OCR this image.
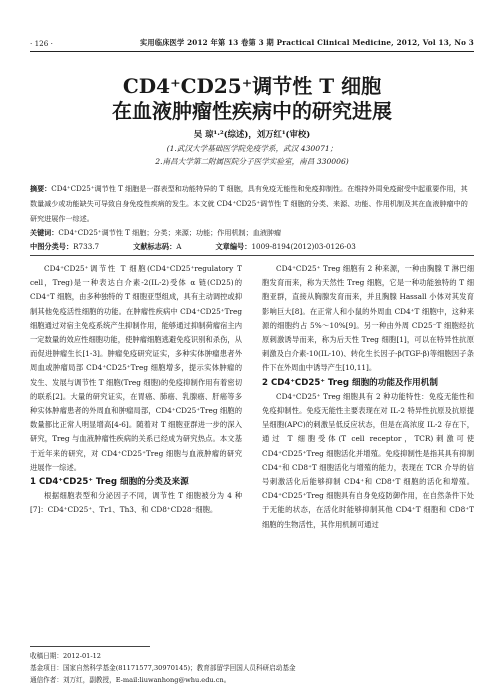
· 126 ·	实用临床医学 2012 年第 13 卷第 3 期 Practical Clinical Medicine, 2012, Vol 13, No 3
CD4⁺CD25⁺调节性 T 细胞
在血液肿瘤性疾病中的研究进展
吴 琼¹·²(综述)，刘万红¹(审校)
(1.武汉大学基础医学院免疫学系，武汉 430071；
2.南昌大学第二附属医院分子医学实验室，南昌 330006)
摘要：CD4⁺CD25⁺调节性 T 细胞是一群表型和功能特异的 T 细胞，具有免疫无能性和免疫抑制性。在维持外周免疫耐受中起重要作用，其数量减少或功能缺失可导致自身免疫性疾病的发生。本文就 CD4⁺CD25⁺调节性 T 细胞的分类、来源、功能、作用机制及其在血液肿瘤中的研究进展作一综述。
关键词：CD4⁺CD25⁺调节性 T 细胞；分类；来源；功能；作用机制；血液肿瘤
中图分类号：R733.7	文献标志码：A	文章编号：1009-8194(2012)03-0126-03

CD4⁺CD25⁺调节性 T 细胞(CD4⁺CD25⁺regulatory T cell，Treg)是一种表达白介素-2(IL-2)受体 α 链(CD25)的 CD4⁺T 细胞，由多种独特的 T 细胞亚型组成，具有主动调控或抑制其他免疫活性细胞的功能。在肿瘤性疾病中 CD4⁺CD25⁺Treg 细胞通过对宿主免疫系统产生抑制作用，能够通过抑制荷瘤宿主内一定数量的效应性细胞功能，使肿瘤细胞逃避免疫识别和杀伤，从而促进肿瘤生长[1-3]。肿瘤免疫研究证实，多种实体肿瘤患者外周血或肿瘤局部 CD4⁺CD25⁺Treg 细胞增多，提示实体肿瘤的发生、发展与调节性 T 细胞(Treg 细胞)的免疫抑制作用有着密切的联系[2]。大量的研究证实，在胃癌、肺癌、乳腺癌、肝癌等多种实体肿瘤患者的外周血和肿瘤局部，CD4⁺CD25⁺Treg 细胞的数量都比正常人明显增高[4-6]。随着对 T 细胞亚群进一步的深入研究，Treg 与血液肿瘤性疾病的关系已经成为研究热点。本文基于近年来的研究，对 CD4⁺CD25⁺Treg 细胞与血液肿瘤的研究进展作一综述。

1 CD4⁺CD25⁺ Treg 细胞的分类及来源

根据细胞表型和分泌因子不同，调节性 T 细胞被分为 4 种[7]：CD4⁺CD25⁺、Tr1、Th3、和 CD8⁺CD28⁻细胞。

CD4⁺CD25⁺ Treg 细胞有 2 种来源，一种由胸腺 T 淋巴细胞发育而来，称为天然性 Treg 细胞，它是一种功能独特的 T 细胞亚群，直接从胸腺发育而来，并且胸腺 Hassall 小体对其发育影响巨大[8]。在正常人和小鼠的外周血 CD4⁺T 细胞中，这种来源的细胞约占 5%～10%[9]。另一种由外周 CD25⁻T 细胞经抗原刺激诱导而来，称为后天性 Treg 细胞[1]，可以在特异性抗原刺激及白介素-10(IL-10)、转化生长因子-β(TGF-β)等细胞因子条件下在外周血中诱导产生[10,11]。

2 CD4⁺CD25⁺ Treg 细胞的功能及作用机制

CD4⁺CD25⁺ Treg 细胞具有 2 种功能特性：免疫无能性和免疫抑制性。免疫无能性主要表现在对 IL-2 特异性抗原及抗原提呈细胞(APC)的刺激呈低反应状态，但是在高浓度 IL-2 存在下，通过 T 细胞受体(T cell receptor，TCR)刺激可使 CD4⁺CD25⁺Treg 细胞活化并增殖。免疫抑制性是指其具有抑制 CD4⁺和 CD8⁺T 细胞活化与增殖的能力，表现在 TCR 介导的信号刺激活化后能够抑制 CD4⁺和 CD8⁺T 细胞的活化和增殖。CD4⁺CD25⁺Treg 细胞具有自身免疫防御作用，在自然条件下处于无能的状态，在活化时能够抑制其他 CD4⁺T 细胞和 CD8⁺T 细胞的生物活性，其作用机制可通过

收稿日期：2012-01-12
基金项目：国家自然科学基金(81171577,30970145)；教育部留学回国人员科研启动基金
通信作者：刘万红，副教授，E-mail:liuwanhong@whu.edu.cn。
